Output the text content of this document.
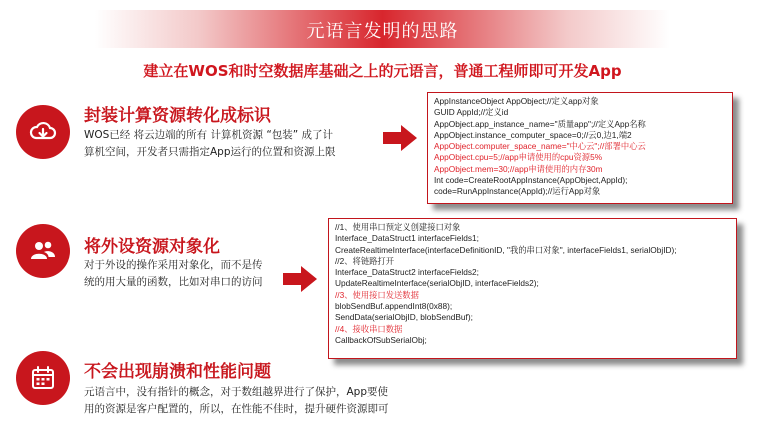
元语言发明的思路
建立在WOS和时空数据库基础之上的元语言，普通工程师即可开发App
封装计算资源转化成标识
WOS已经 将云边端的所有 计算机资源 “包装” 成了计
算机空间，开发者只需指定App运行的位置和资源上限
AppInstanceObject AppObject;//定义app对象
GUID AppId;//定义id
AppObject.app_instance_name="质量app";//定义App名称
AppObject.instance_computer_space=0;//云0,边1,端2
AppObject.computer_space_name="中心云";//部署中心云
AppObject.cpu=5;//app申请使用的cpu资源5%
AppObject.mem=30;//app申请使用的内存30m
Int code=CreateRootAppInstance(AppObject,AppId);
code=RunAppInstance(AppId);//运行App对象
将外设资源对象化
对于外设的操作采用对象化，而不是传
统的用大量的函数，比如对串口的访问
//1、使用串口预定义创建接口对象
Interface_DataStruct1 interfaceFields1;
CreateRealtimeInterface(interfaceDefinitionID, "我的串口对象", interfaceFields1, serialObjID);
//2、将链路打开
Interface_DataStruct2 interfaceFields2;
UpdateRealtimeInterface(serialObjID, interfaceFields2);
//3、使用接口发送数据
blobSendBuf.appendInt8(0x88);
SendData(serialObjID, blobSendBuf);
//4、接收串口数据
CallbackOfSubSerialObj;
不会出现崩溃和性能问题
元语言中，没有指针的概念，对于数组越界进行了保护，App要使
用的资源是客户配置的，所以，在性能不佳时，提升硬件资源即可
